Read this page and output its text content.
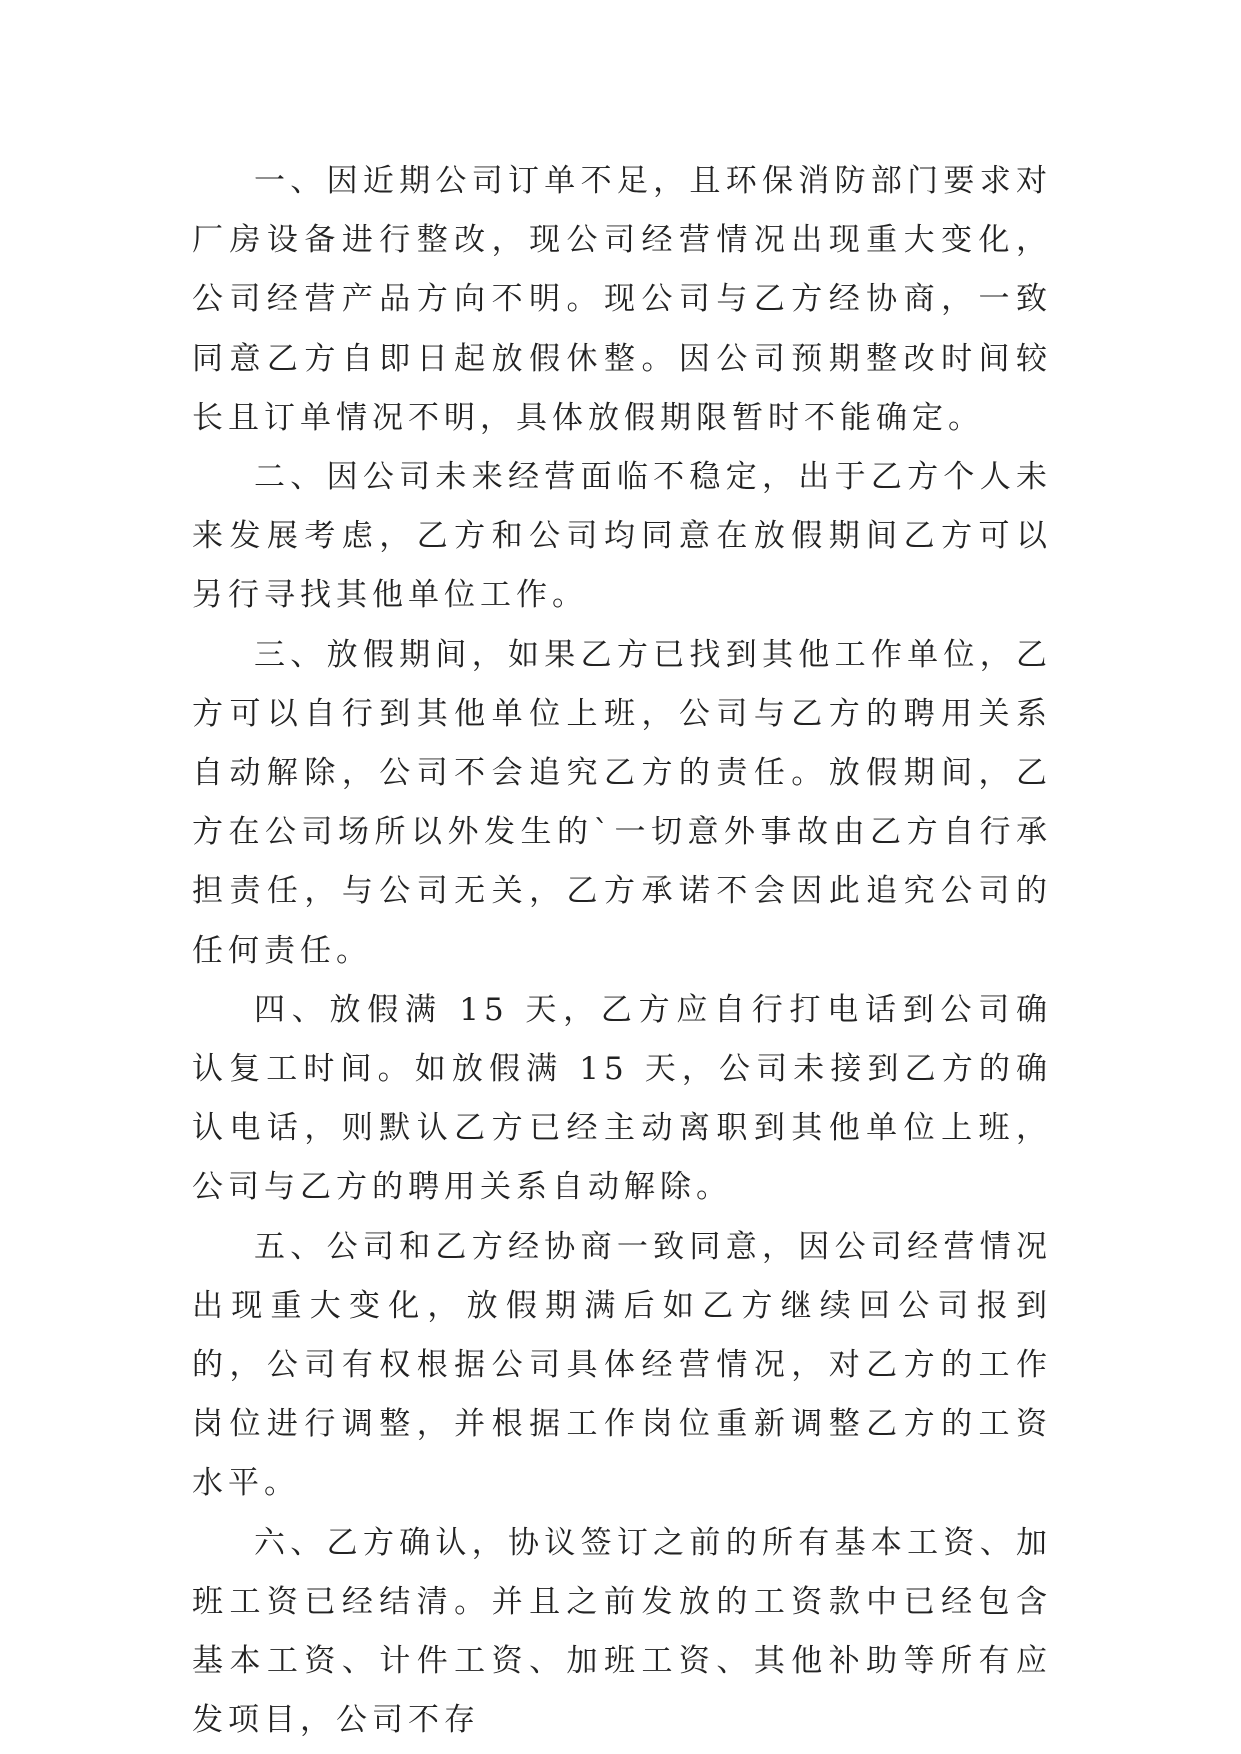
一、因近期公司订单不足，且环保消防部门要求对厂房设备进行整改，现公司经营情况出现重大变化，公司经营产品方向不明。现公司与乙方经协商，一致同意乙方自即日起放假休整。因公司预期整改时间较长且订单情况不明，具体放假期限暂时不能确定。

二、因公司未来经营面临不稳定，出于乙方个人未来发展考虑，乙方和公司均同意在放假期间乙方可以另行寻找其他单位工作。

三、放假期间，如果乙方已找到其他工作单位，乙方可以自行到其他单位上班，公司与乙方的聘用关系自动解除，公司不会追究乙方的责任。放假期间，乙方在公司场所以外发生的`一切意外事故由乙方自行承担责任，与公司无关，乙方承诺不会因此追究公司的任何责任。

四、放假满 15 天，乙方应自行打电话到公司确认复工时间。如放假满 15 天，公司未接到乙方的确认电话，则默认乙方已经主动离职到其他单位上班，公司与乙方的聘用关系自动解除。

五、公司和乙方经协商一致同意，因公司经营情况出现重大变化，放假期满后如乙方继续回公司报到的，公司有权根据公司具体经营情况，对乙方的工作岗位进行调整，并根据工作岗位重新调整乙方的工资水平。

六、乙方确认，协议签订之前的所有基本工资、加班工资已经结清。并且之前发放的工资款中已经包含基本工资、计件工资、加班工资、其他补助等所有应发项目，公司不存
